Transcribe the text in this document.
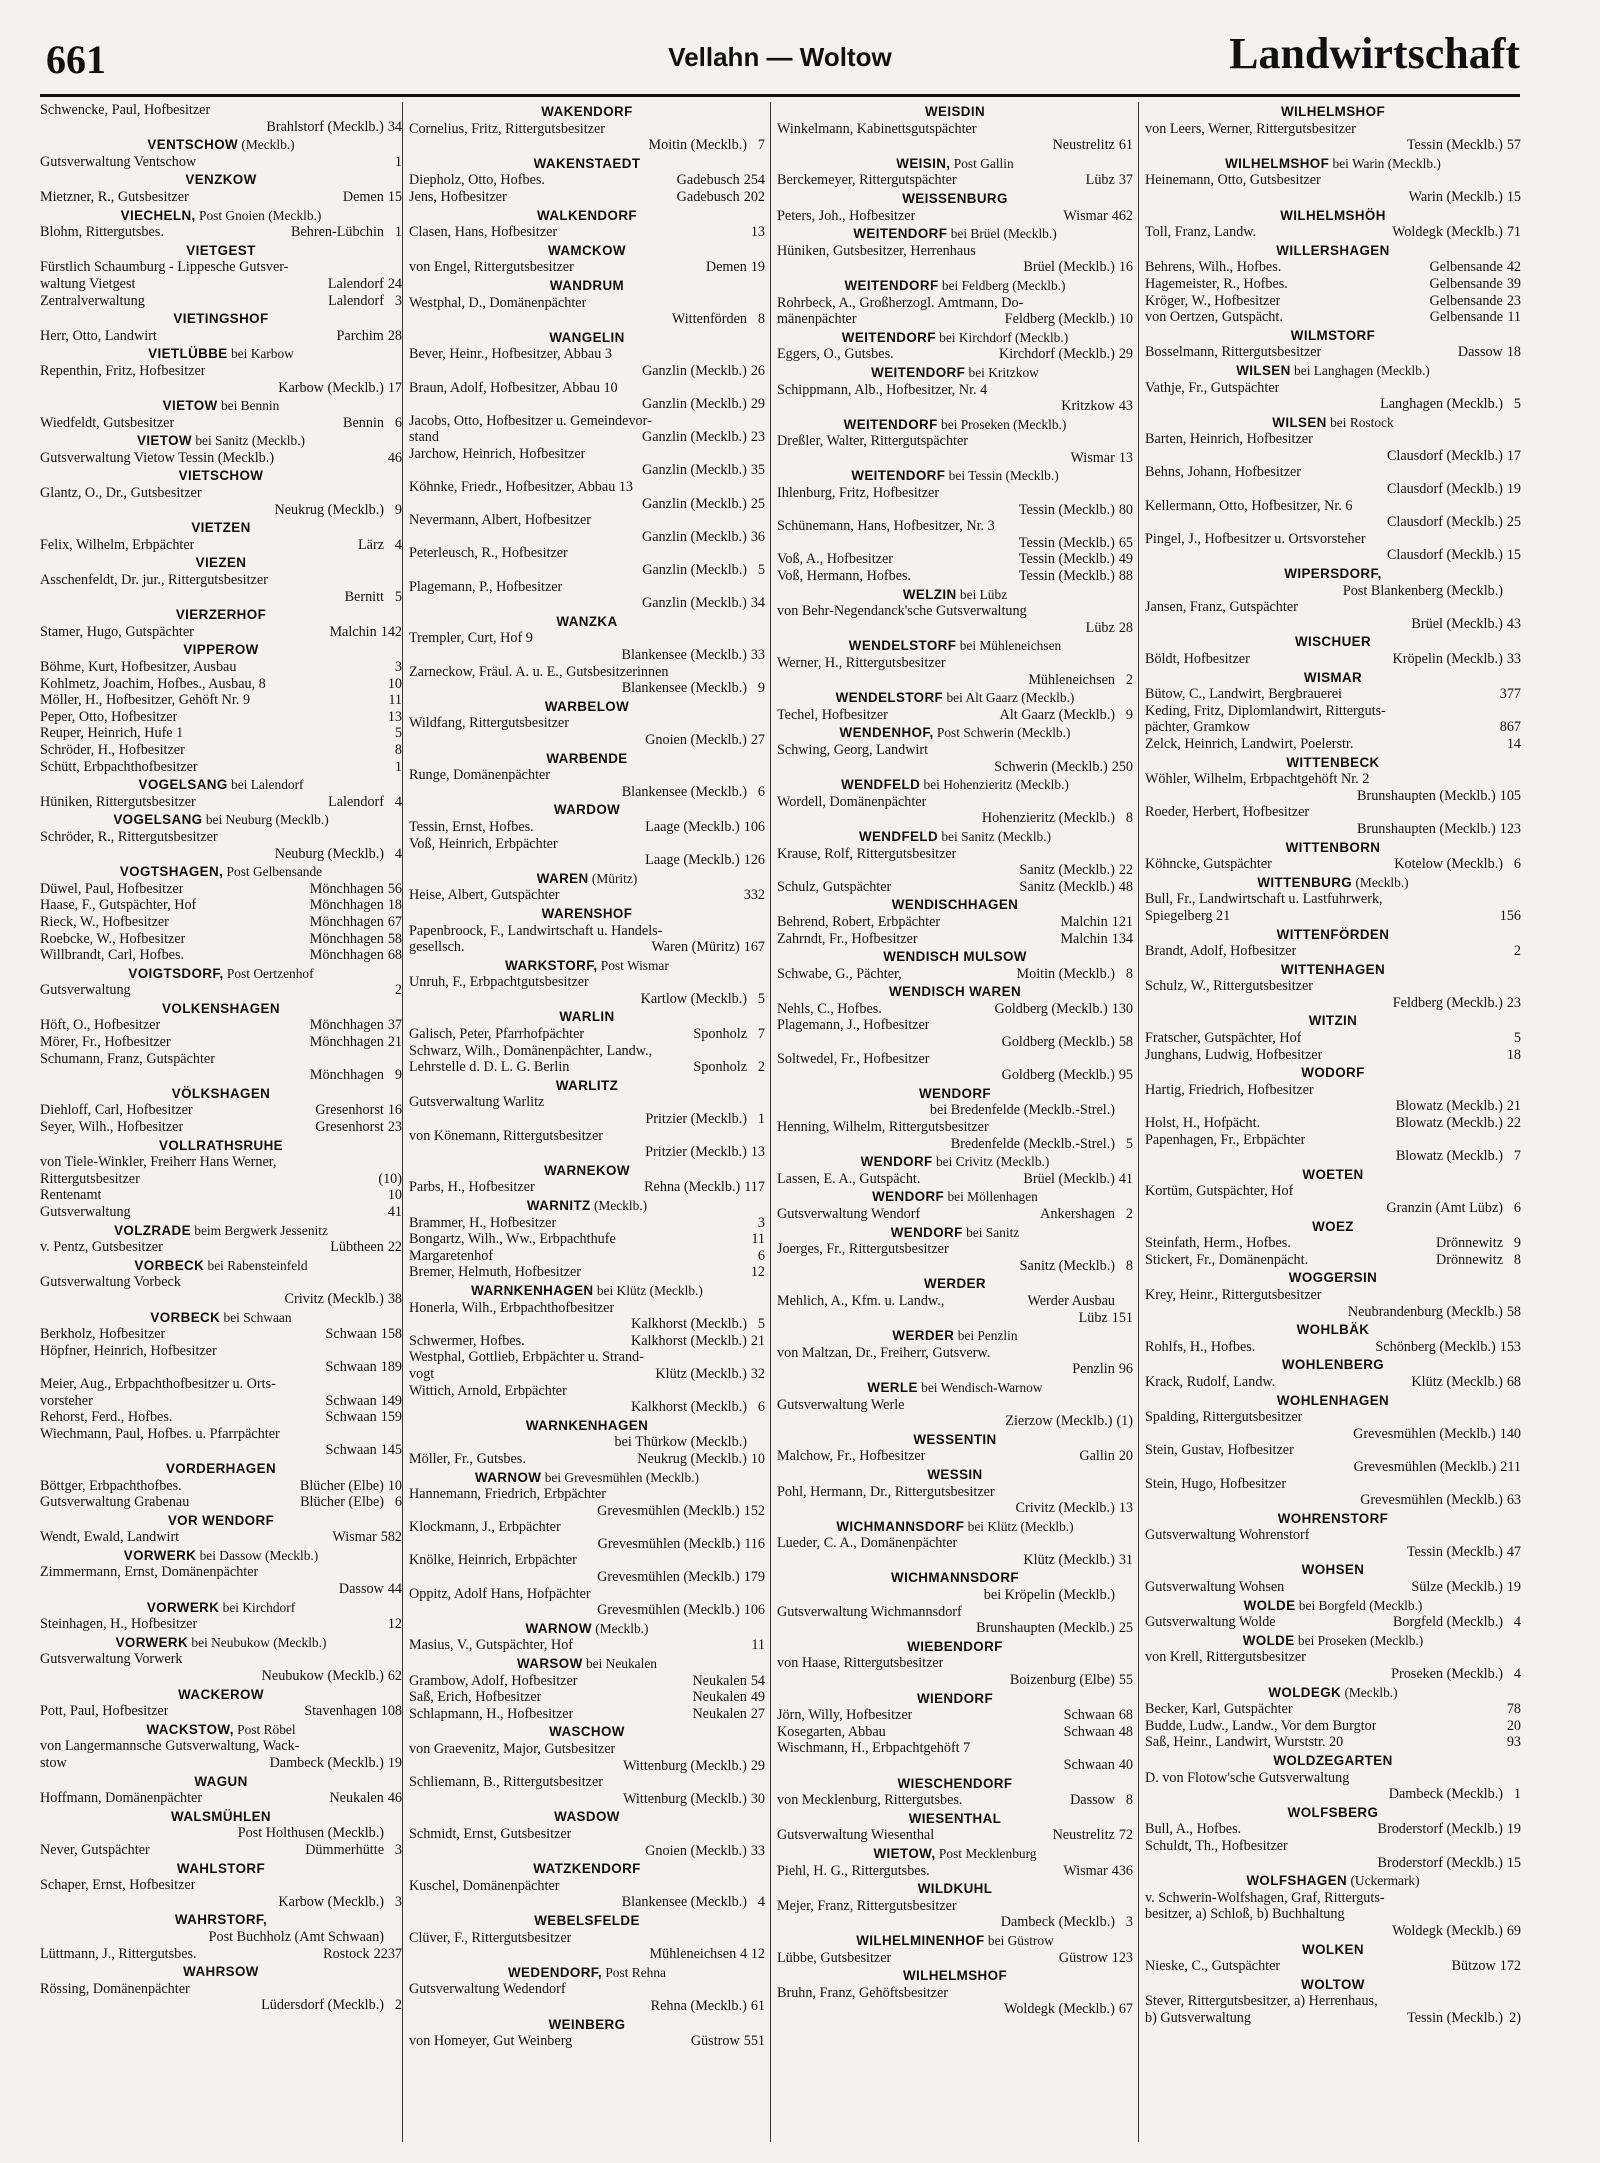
661	Vellahn — Woltow	Landwirtschaft
Schwencke, Paul, Hofbesitzer
Brahlstorf (Mecklb.) 34
VENTSCHOW (Mecklb.)
Gutsverwaltung Ventschow	1
VENZKOW
Mietzner, R., Gutsbesitzer	Demen 15
VIECHELN, Post Gnoien (Mecklb.)
Blohm, Rittergutsbes.	Behren-Lübchin 1
VIETGEST
Fürstlich Schaumburg - Lippesche Gutsver-
waltung Vietgest	Lalendorf 24
Zentralverwaltung	Lalendorf 3
VIETINGSHOF
Herr, Otto, Landwirt	Parchim 28
VIETLÜBBE bei Karbow
Repenthin, Fritz, Hofbesitzer
Karbow (Mecklb.) 17
VIETOW bei Bennin
Wiedfeldt, Gutsbesitzer	Bennin 6
VIETOW bei Sanitz (Mecklb.)
Gutsverwaltung Vietow Tessin (Mecklb.)	46
VIETSCHOW
Glantz, O., Dr., Gutsbesitzer
Neukrug (Mecklb.) 9
VIETZEN
Felix, Wilhelm, Erbpächter	Lärz 4
VIEZEN
Asschenfeldt, Dr. jur., Rittergutsbesitzer
Bernitt 5
VIERZERHOF
Stamer, Hugo, Gutspächter	Malchin 142
VIPPEROW
Böhme, Kurt, Hofbesitzer, Ausbau	3
Kohlmetz, Joachim, Hofbes., Ausbau, 8	10
Möller, H., Hofbesitzer, Gehöft Nr. 9	11
Peper, Otto, Hofbesitzer	13
Reuper, Heinrich, Hufe 1	5
Schröder, H., Hofbesitzer	8
Schütt, Erbpachthofbesitzer	1
VOGELSANG bei Lalendorf
Hüniken, Rittergutsbesitzer	Lalendorf 4
VOGELSANG bei Neuburg (Mecklb.)
Schröder, R., Rittergutsbesitzer
Neuburg (Mecklb.) 4
VOGTSHAGEN, Post Gelbensande
Düwel, Paul, Hofbesitzer	Mönchhagen 56
Haase, F., Gutspächter, Hof	Mönchhagen 18
Rieck, W., Hofbesitzer	Mönchhagen 67
Roebcke, W., Hofbesitzer	Mönchhagen 58
Willbrandt, Carl, Hofbes.	Mönchhagen 68
VOIGTSDORF, Post Oertzenhof
Gutsverwaltung	2
VOLKENSHAGEN
Höft, O., Hofbesitzer	Mönchhagen 37
Mörer, Fr., Hofbesitzer	Mönchhagen 21
Schumann, Franz, Gutspächter
Mönchhagen 9
VÖLKSHAGEN
Diehloff, Carl, Hofbesitzer	Gresenhorst 16
Seyer, Wilh., Hofbesitzer	Gresenhorst 23
VOLLRATHSRUHE
von Tiele-Winkler, Freiherr Hans Werner,
Rittergutsbesitzer	(10)
Rentenamt	10
Gutsverwaltung	41
VOLZRADE beim Bergwerk Jessenitz
v. Pentz, Gutsbesitzer	Lübtheen 22
VORBECK bei Rabensteinfeld
Gutsverwaltung Vorbeck
Crivitz (Mecklb.) 38
VORBECK bei Schwaan
Berkholz, Hofbesitzer	Schwaan 158
Höpfner, Heinrich, Hofbesitzer
Schwaan 189
Meier, Aug., Erbpachthofbesitzer u. Orts-
vorsteher	Schwaan 149
Rehorst, Ferd., Hofbes.	Schwaan 159
Wiechmann, Paul, Hofbes. u. Pfarrpächter
Schwaan 145
VORDERHAGEN
Böttger, Erbpachthofbes.	Blücher (Elbe) 10
Gutsverwaltung Grabenau	Blücher (Elbe) 6
VOR WENDORF
Wendt, Ewald, Landwirt	Wismar 582
VORWERK bei Dassow (Mecklb.)
Zimmermann, Ernst, Domänenpächter
Dassow 44
VORWERK bei Kirchdorf
Steinhagen, H., Hofbesitzer	12
VORWERK bei Neubukow (Mecklb.)
Gutsverwaltung Vorwerk
Neubukow (Mecklb.) 62
WACKEROW
Pott, Paul, Hofbesitzer	Stavenhagen 108
WACKSTOW, Post Röbel
von Langermannsche Gutsverwaltung, Wack-
stow	Dambeck (Mecklb.) 19
WAGUN
Hoffmann, Domänenpächter	Neukalen 46
WALSMÜHLEN
Post Holthusen (Mecklb.)
Never, Gutspächter	Dümmerhütte 3
WAHLSTORF
Schaper, Ernst, Hofbesitzer
Karbow (Mecklb.) 3
WAHRSTORF,
Post Buchholz (Amt Schwaan)
Lüttmann, J., Rittergutsbes.	Rostock 2237
WAHRSOW
Rössing, Domänenpächter
Lüdersdorf (Mecklb.) 2
WAKENDORF
Cornelius, Fritz, Rittergutsbesitzer
Moitin (Mecklb.) 7
WAKENSTAEDT
Diepholz, Otto, Hofbes.	Gadebusch 254
Jens, Hofbesitzer	Gadebusch 202
WALKENDORF
Clasen, Hans, Hofbesitzer	13
WAMCKOW
von Engel, Rittergutsbesitzer	Demen 19
WANDRUM
Westphal, D., Domänenpächter
Wittenförden 8
WANGELIN
Bever, Heinr., Hofbesitzer, Abbau 3
Ganzlin (Mecklb.) 26
Braun, Adolf, Hofbesitzer, Abbau 10
Ganzlin (Mecklb.) 29
Jacobs, Otto, Hofbesitzer u. Gemeindevor-
stand	Ganzlin (Mecklb.) 23
Jarchow, Heinrich, Hofbesitzer
Ganzlin (Mecklb.) 35
Köhnke, Friedr., Hofbesitzer, Abbau 13
Ganzlin (Mecklb.) 25
Nevermann, Albert, Hofbesitzer
Ganzlin (Mecklb.) 36
Peterleusch, R., Hofbesitzer
Ganzlin (Mecklb.) 5
Plagemann, P., Hofbesitzer
Ganzlin (Mecklb.) 34
WANZKA
Trempler, Curt, Hof 9
Blankensee (Mecklb.) 33
Zarneckow, Fräul. A. u. E., Gutsbesitzerinnen
Blankensee (Mecklb.) 9
WARBELOW
Wildfang, Rittergutsbesitzer
Gnoien (Mecklb.) 27
WARBENDE
Runge, Domänenpächter
Blankensee (Mecklb.) 6
WARDOW
Tessin, Ernst, Hofbes.	Laage (Mecklb.) 106
Voß, Heinrich, Erbpächter
Laage (Mecklb.) 126
WAREN (Müritz)
Heise, Albert, Gutspächter	332
WARENSHOF
Papenbroock, F., Landwirtschaft u. Handels-
gesellsch.	Waren (Müritz) 167
WARKSTORF, Post Wismar
Unruh, F., Erbpachtgutsbesitzer
Kartlow (Mecklb.) 5
WARLIN
Galisch, Peter, Pfarrhofpächter	Sponholz 7
Schwarz, Wilh., Domänenpächter, Landw.,
Lehrstelle d. D. L. G. Berlin	Sponholz 2
WARLITZ
Gutsverwaltung Warlitz
Pritzier (Mecklb.) 1
von Könemann, Rittergutsbesitzer
Pritzier (Mecklb.) 13
WARNEKOW
Parbs, H., Hofbesitzer	Rehna (Mecklb.) 117
WARNITZ (Mecklb.)
Brammer, H., Hofbesitzer	3
Bongartz, Wilh., Ww., Erbpachthufe	11
Margaretenhof	6
Bremer, Helmuth, Hofbesitzer	12
WARNKENHAGEN bei Klütz (Mecklb.)
Honerla, Wilh., Erbpachthofbesitzer
Kalkhorst (Mecklb.) 5
Schwermer, Hofbes.	Kalkhorst (Mecklb.) 21
Westphal, Gottlieb, Erbpächter u. Strand-
vogt	Klütz (Mecklb.) 32
Wittich, Arnold, Erbpächter
Kalkhorst (Mecklb.) 6
WARNKENHAGEN
bei Thürkow (Mecklb.)
Möller, Fr., Gutsbes.	Neukrug (Mecklb.) 10
WARNOW bei Grevesmühlen (Mecklb.)
Hannemann, Friedrich, Erbpächter
Grevesmühlen (Mecklb.) 152
Klockmann, J., Erbpächter
Grevesmühlen (Mecklb.) 116
Knölke, Heinrich, Erbpächter
Grevesmühlen (Mecklb.) 179
Oppitz, Adolf Hans, Hofpächter
Grevesmühlen (Mecklb.) 106
WARNOW (Mecklb.)
Masius, V., Gutspächter, Hof	11
WARSOW bei Neukalen
Grambow, Adolf, Hofbesitzer	Neukalen 54
Saß, Erich, Hofbesitzer	Neukalen 49
Schlapmann, H., Hofbesitzer	Neukalen 27
WASCHOW
von Graevenitz, Major, Gutsbesitzer
Wittenburg (Mecklb.) 29
Schliemann, B., Rittergutsbesitzer
Wittenburg (Mecklb.) 30
WASDOW
Schmidt, Ernst, Gutsbesitzer
Gnoien (Mecklb.) 33
WATZKENDORF
Kuschel, Domänenpächter
Blankensee (Mecklb.) 4
WEBELSFELDE
Clüver, F., Rittergutsbesitzer
Mühleneichsen 4 12
WEDENDORF, Post Rehna
Gutsverwaltung Wedendorf
Rehna (Mecklb.) 61
WEINBERG
von Homeyer, Gut Weinberg	Güstrow 551
WEISDIN
Winkelmann, Kabinettsgutspächter
Neustrelitz 61
WEISIN, Post Gallin
Berckemeyer, Rittergutspächter	Lübz 37
WEISSENBURG
Peters, Joh., Hofbesitzer	Wismar 462
WEITENDORF bei Brüel (Mecklb.)
Hüniken, Gutsbesitzer, Herrenhaus
Brüel (Mecklb.) 16
WEITENDORF bei Feldberg (Mecklb.)
Rohrbeck, A., Großherzogl. Amtmann, Do-
mänenpächter	Feldberg (Mecklb.) 10
WEITENDORF bei Kirchdorf (Mecklb.)
Eggers, O., Gutsbes.	Kirchdorf (Mecklb.) 29
WEITENDORF bei Kritzkow
Schippmann, Alb., Hofbesitzer, Nr. 4
Kritzkow 43
WEITENDORF bei Proseken (Mecklb.)
Dreßler, Walter, Rittergutspächter
Wismar 13
WEITENDORF bei Tessin (Mecklb.)
Ihlenburg, Fritz, Hofbesitzer
Tessin (Mecklb.) 80
Schünemann, Hans, Hofbesitzer, Nr. 3
Tessin (Mecklb.) 65
Voß, A., Hofbesitzer	Tessin (Mecklb.) 49
Voß, Hermann, Hofbes.	Tessin (Mecklb.) 88
WELZIN bei Lübz
von Behr-Negendanck'sche Gutsverwaltung
Lübz 28
WENDELSTORF bei Mühleneichsen
Werner, H., Rittergutsbesitzer
Mühleneichsen 2
WENDELSTORF bei Alt Gaarz (Mecklb.)
Techel, Hofbesitzer	Alt Gaarz (Mecklb.) 9
WENDENHOF, Post Schwerin (Mecklb.)
Schwing, Georg, Landwirt
Schwerin (Mecklb.) 250
WENDFELD bei Hohenzieritz (Mecklb.)
Wordell, Domänenpächter
Hohenzieritz (Mecklb.) 8
WENDFELD bei Sanitz (Mecklb.)
Krause, Rolf, Rittergutsbesitzer
Sanitz (Mecklb.) 22
Schulz, Gutspächter	Sanitz (Mecklb.) 48
WENDISCHHAGEN
Behrend, Robert, Erbpächter	Malchin 121
Zahrndt, Fr., Hofbesitzer	Malchin 134
WENDISCH MULSOW
Schwabe, G., Pächter,	Moitin (Mecklb.) 8
WENDISCH WAREN
Nehls, C., Hofbes.	Goldberg (Mecklb.) 130
Plagemann, J., Hofbesitzer
Goldberg (Mecklb.) 58
Soltwedel, Fr., Hofbesitzer
Goldberg (Mecklb.) 95
WENDORF
bei Bredenfelde (Mecklb.-Strel.)
Henning, Wilhelm, Rittergutsbesitzer
Bredenfelde (Mecklb.-Strel.) 5
WENDORF bei Crivitz (Mecklb.)
Lassen, E. A., Gutspächt.	Brüel (Mecklb.) 41
WENDORF bei Möllenhagen
Gutsverwaltung Wendorf	Ankershagen 2
WENDORF bei Sanitz
Joerges, Fr., Rittergutsbesitzer
Sanitz (Mecklb.) 8
WERDER
Mehlich, A., Kfm. u. Landw.,	Werder Ausbau
Lübz 151
WERDER bei Penzlin
von Maltzan, Dr., Freiherr, Gutsverw.
Penzlin 96
WERLE bei Wendisch-Warnow
Gutsverwaltung Werle
Zierzow (Mecklb.) (1)
WESSENTIN
Malchow, Fr., Hofbesitzer	Gallin 20
WESSIN
Pohl, Hermann, Dr., Rittergutsbesitzer
Crivitz (Mecklb.) 13
WICHMANNSDORF bei Klütz (Mecklb.)
Lueder, C. A., Domänenpächter
Klütz (Mecklb.) 31
WICHMANNSDORF
bei Kröpelin (Mecklb.)
Gutsverwaltung Wichmannsdorf
Brunshaupten (Mecklb.) 25
WIEBENDORF
von Haase, Rittergutsbesitzer
Boizenburg (Elbe) 55
WIENDORF
Jörn, Willy, Hofbesitzer	Schwaan 68
Kosegarten, Abbau	Schwaan 48
Wischmann, H., Erbpachtgehöft 7
Schwaan 40
WIESCHENDORF
von Mecklenburg, Rittergutsbes.	Dassow 8
WIESENTHAL
Gutsverwaltung Wiesenthal	Neustrelitz 72
WIETOW, Post Mecklenburg
Piehl, H. G., Rittergutsbes.	Wismar 436
WILDKUHL
Mejer, Franz, Rittergutsbesitzer
Dambeck (Mecklb.) 3
WILHELMINENHOF bei Güstrow
Lübbe, Gutsbesitzer	Güstrow 123
WILHELMSHOF
Bruhn, Franz, Gehöftsbesitzer
Woldegk (Mecklb.) 67
WILHELMSHOF
von Leers, Werner, Rittergutsbesitzer
Tessin (Mecklb.) 57
WILHELMSHOF bei Warin (Mecklb.)
Heinemann, Otto, Gutsbesitzer
Warin (Mecklb.) 15
WILHELMSHÖH
Toll, Franz, Landw.	Woldegk (Mecklb.) 71
WILLERSHAGEN
Behrens, Wilh., Hofbes.	Gelbensande 42
Hagemeister, R., Hofbes.	Gelbensande 39
Kröger, W., Hofbesitzer	Gelbensande 23
von Oertzen, Gutspächt.	Gelbensande 11
WILMSTORF
Bosselmann, Rittergutsbesitzer	Dassow 18
WILSEN bei Langhagen (Mecklb.)
Vathje, Fr., Gutspächter
Langhagen (Mecklb.) 5
WILSEN bei Rostock
Barten, Heinrich, Hofbesitzer
Clausdorf (Mecklb.) 17
Behns, Johann, Hofbesitzer
Clausdorf (Mecklb.) 19
Kellermann, Otto, Hofbesitzer, Nr. 6
Clausdorf (Mecklb.) 25
Pingel, J., Hofbesitzer u. Ortsvorsteher
Clausdorf (Mecklb.) 15
WIPERSDORF,
Post Blankenberg (Mecklb.)
Jansen, Franz, Gutspächter
Brüel (Mecklb.) 43
WISCHUER
Böldt, Hofbesitzer	Kröpelin (Mecklb.) 33
WISMAR
Bütow, C., Landwirt, Bergbrauerei	377
Keding, Fritz, Diplomlandwirt, Ritterguts-
pächter, Gramkow	867
Zelck, Heinrich, Landwirt, Poelerstr.	14
WITTENBECK
Wöhler, Wilhelm, Erbpachtgehöft Nr. 2
Brunshaupten (Mecklb.) 105
Roeder, Herbert, Hofbesitzer
Brunshaupten (Mecklb.) 123
WITTENBORN
Köhncke, Gutspächter	Kotelow (Mecklb.) 6
WITTENBURG (Mecklb.)
Bull, Fr., Landwirtschaft u. Lastfuhrwerk,
Spiegelberg 21	156
WITTENFÖRDEN
Brandt, Adolf, Hofbesitzer	2
WITTENHAGEN
Schulz, W., Rittergutsbesitzer
Feldberg (Mecklb.) 23
WITZIN
Fratscher, Gutspächter, Hof	5
Junghans, Ludwig, Hofbesitzer	18
WODORF
Hartig, Friedrich, Hofbesitzer
Blowatz (Mecklb.) 21
Holst, H., Hofpächt.	Blowatz (Mecklb.) 22
Papenhagen, Fr., Erbpächter
Blowatz (Mecklb.) 7
WOETEN
Kortüm, Gutspächter, Hof
Granzin (Amt Lübz) 6
WOEZ
Steinfath, Herm., Hofbes.	Drönnewitz 9
Stickert, Fr., Domänenpächt.	Drönnewitz 8
WOGGERSIN
Krey, Heinr., Rittergutsbesitzer
Neubrandenburg (Mecklb.) 58
WOHLBÄK
Rohlfs, H., Hofbes.	Schönberg (Mecklb.) 153
WOHLENBERG
Krack, Rudolf, Landw.	Klütz (Mecklb.) 68
WOHLENHAGEN
Spalding, Rittergutsbesitzer
Grevesmühlen (Mecklb.) 140
Stein, Gustav, Hofbesitzer
Grevesmühlen (Mecklb.) 211
Stein, Hugo, Hofbesitzer
Grevesmühlen (Mecklb.) 63
WOHRENSTORF
Gutsverwaltung Wohrenstorf
Tessin (Mecklb.) 47
WOHSEN
Gutsverwaltung Wohsen	Sülze (Mecklb.) 19
WOLDE bei Borgfeld (Mecklb.)
Gutsverwaltung Wolde	Borgfeld (Mecklb.) 4
WOLDE bei Proseken (Mecklb.)
von Krell, Rittergutsbesitzer
Proseken (Mecklb.) 4
WOLDEGK (Mecklb.)
Becker, Karl, Gutspächter	78
Budde, Ludw., Landw., Vor dem Burgtor	20
Saß, Heinr., Landwirt, Wurststr. 20	93
WOLDZEGARTEN
D. von Flotow'sche Gutsverwaltung
Dambeck (Mecklb.) 1
WOLFSBERG
Bull, A., Hofbes.	Broderstorf (Mecklb.) 19
Schuldt, Th., Hofbesitzer
Broderstorf (Mecklb.) 15
WOLFSHAGEN (Uckermark)
v. Schwerin-Wolfshagen, Graf, Ritterguts-
besitzer, a) Schloß, b) Buchhaltung
Woldegk (Mecklb.) 69
WOLKEN
Nieske, C., Gutspächter	Bützow 172
WOLTOW
Stever, Rittergutsbesitzer, a) Herrenhaus,
b) Gutsverwaltung	Tessin (Mecklb.) 2)
